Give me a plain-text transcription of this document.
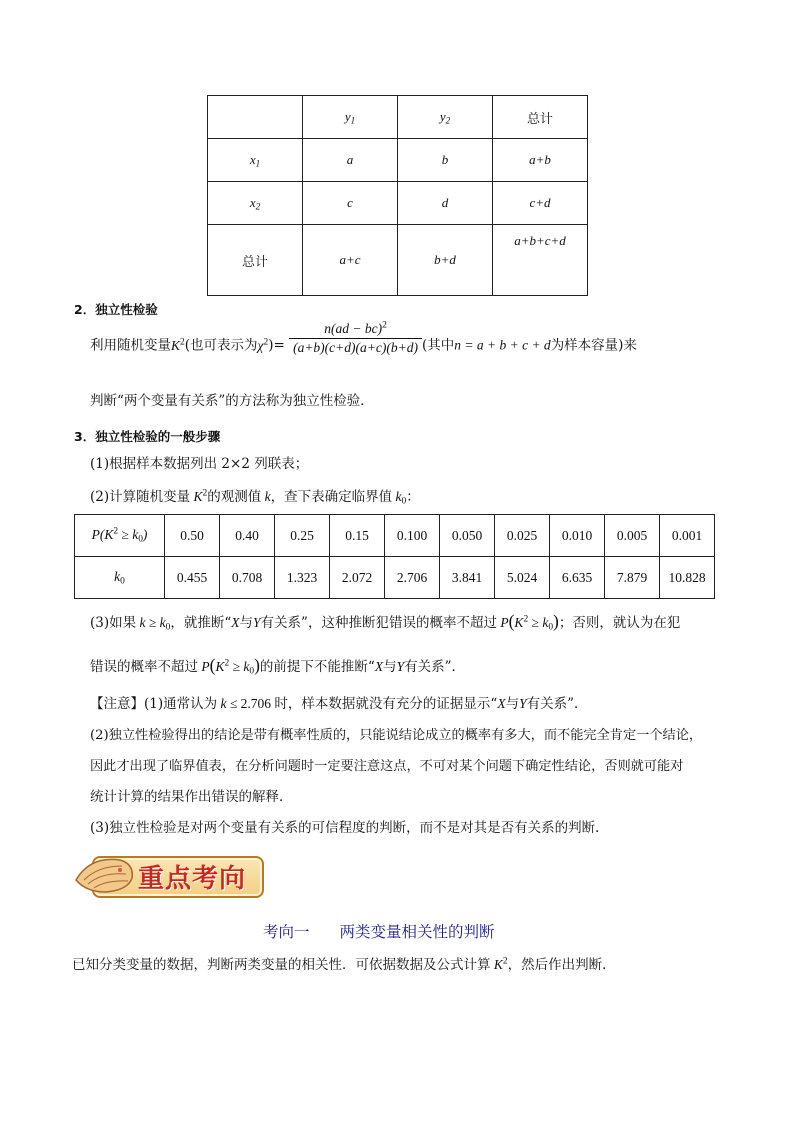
	$y_1$	$y_2$	总计
$x_1$	a	b	a+b
$x_2$	c	d	c+d
总计	a+c	b+d	a+b+c+d
2．独立性检验
利用随机变量$K^2$(也可表示为$\chi^2)= \frac{n(ad - bc)^2}{(a+b)(c+d)(a+c)(b+d)}$ (其中n = a + b + c + d为样本容量)来
判断“两个变量有关系”的方法称为独立性检验．
3．独立性检验的一般步骤
(1)根据样本数据列出 2×2 列联表；
(2)计算随机变量 $K^2$的观测值 k，查下表确定临界值 $k_0$：
$P(K^2 \ge k_0)$	0.50	0.40	0.25	0.15	0.100	0.050	0.025	0.010	0.005	0.001
$k_0$	0.455	0.708	1.323	2.072	2.706	3.841	5.024	6.635	7.879	10.828
(3)如果 $k \ge k_0$，就推断“X与Y有关系”，这种推断犯错误的概率不超过 $P(K^2 \ge k_0)$；否则，就认为在犯
错误的概率不超过 $P(K^2 \ge k_0)$的前提下不能推断“X与Y有关系”．
【注意】(1)通常认为 k ≤ 2.706 时，样本数据就没有充分的证据显示“X与Y有关系”．
(2)独立性检验得出的结论是带有概率性质的，只能说结论成立的概率有多大，而不能完全肯定一个结论，
因此才出现了临界值表，在分析问题时一定要注意这点，不可对某个问题下确定性结论，否则就可能对
统计计算的结果作出错误的解释．
(3)独立性检验是对两个变量有关系的可信程度的判断，而不是对其是否有关系的判断．
重点考向
考向一 两类变量相关性的判断
已知分类变量的数据，判断两类变量的相关性．可依据数据及公式计算 $K^2$，然后作出判断．
